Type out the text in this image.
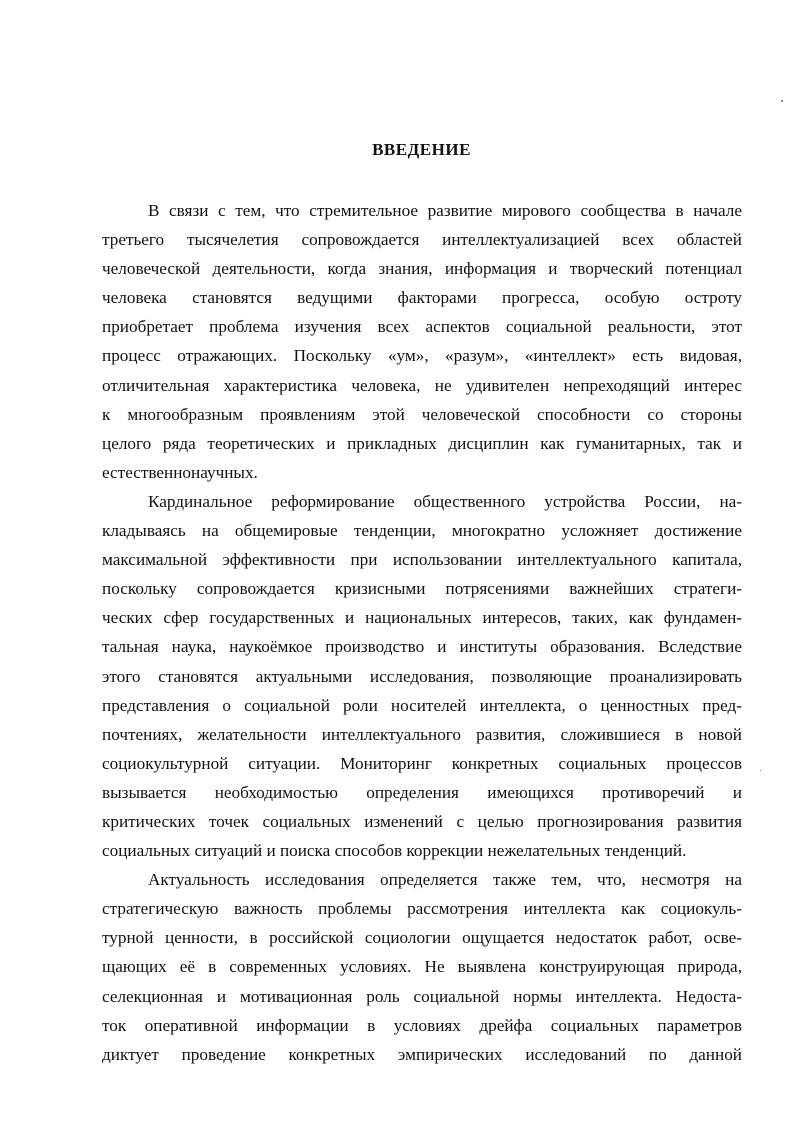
ВВЕДЕНИЕ
В связи с тем, что стремительное развитие мирового сообщества в начале
третьего тысячелетия сопровождается интеллектуализацией всех областей
человеческой деятельности, когда знания, информация и творческий потенциал
человека становятся ведущими факторами прогресса, особую остроту
приобретает проблема изучения всех аспектов социальной реальности, этот
процесс отражающих. Поскольку «ум», «разум», «интеллект» есть видовая,
отличительная характеристика человека, не удивителен непреходящий интерес
к многообразным проявлениям этой человеческой способности со стороны
целого ряда теоретических и прикладных дисциплин как гуманитарных, так и
естественнонаучных.
Кардинальное реформирование общественного устройства России, на-
кладываясь на общемировые тенденции, многократно усложняет достижение
максимальной эффективности при использовании интеллектуального капитала,
поскольку сопровождается кризисными потрясениями важнейших стратеги-
ческих сфер государственных и национальных интересов, таких, как фундамен-
тальная наука, наукоёмкое производство и институты образования. Вследствие
этого становятся актуальными исследования, позволяющие проанализировать
представления о социальной роли носителей интеллекта, о ценностных пред-
почтениях, желательности интеллектуального развития, сложившиеся в новой
социокультурной ситуации. Мониторинг конкретных социальных процессов
вызывается необходимостью определения имеющихся противоречий и
критических точек социальных изменений с целью прогнозирования развития
социальных ситуаций и поиска способов коррекции нежелательных тенденций.
Актуальность исследования определяется также тем, что, несмотря на
стратегическую важность проблемы рассмотрения интеллекта как социокуль-
турной ценности, в российской социологии ощущается недостаток работ, осве-
щающих её в современных условиях. Не выявлена конструирующая природа,
селекционная и мотивационная роль социальной нормы интеллекта. Недоста-
ток оперативной информации в условиях дрейфа социальных параметров
диктует проведение конкретных эмпирических исследований по данной
